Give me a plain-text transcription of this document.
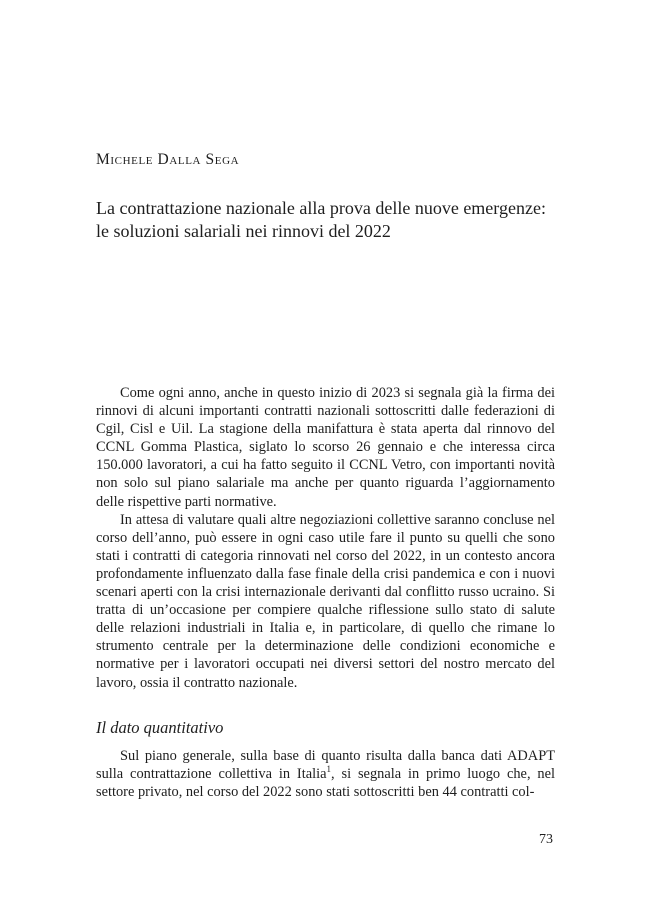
Michele Dalla Sega
La contrattazione nazionale alla prova delle nuove emergenze:
le soluzioni salariali nei rinnovi del 2022

Come ogni anno, anche in questo inizio di 2023 si segnala già la firma dei rinnovi di alcuni importanti contratti nazionali sottoscritti dalle federazioni di Cgil, Cisl e Uil. La stagione della manifattura è stata aperta dal rinnovo del CCNL Gomma Plastica, siglato lo scorso 26 gennaio e che interessa circa 150.000 lavoratori, a cui ha fatto seguito il CCNL Vetro, con importanti novità non solo sul piano salariale ma anche per quanto riguarda l’aggiornamento delle rispettive parti normative.

In attesa di valutare quali altre negoziazioni collettive saranno concluse nel corso dell’anno, può essere in ogni caso utile fare il punto su quelli che sono stati i contratti di categoria rinnovati nel corso del 2022, in un contesto ancora profondamente influenzato dalla fase finale della crisi pandemica e con i nuovi scenari aperti con la crisi internazionale derivanti dal conflitto russo ucraino. Si tratta di un’occasione per compiere qualche riflessione sullo stato di salute delle relazioni industriali in Italia e, in particolare, di quello che rimane lo strumento centrale per la determinazione delle condizioni economiche e normative per i lavoratori occupati nei diversi settori del nostro mercato del lavoro, ossia il contratto nazionale.

Il dato quantitativo

Sul piano generale, sulla base di quanto risulta dalla banca dati ADAPT sulla contrattazione collettiva in Italia$^1$, si segnala in primo luogo che, nel settore privato, nel corso del 2022 sono stati sottoscritti ben 44 contratti col-

73
